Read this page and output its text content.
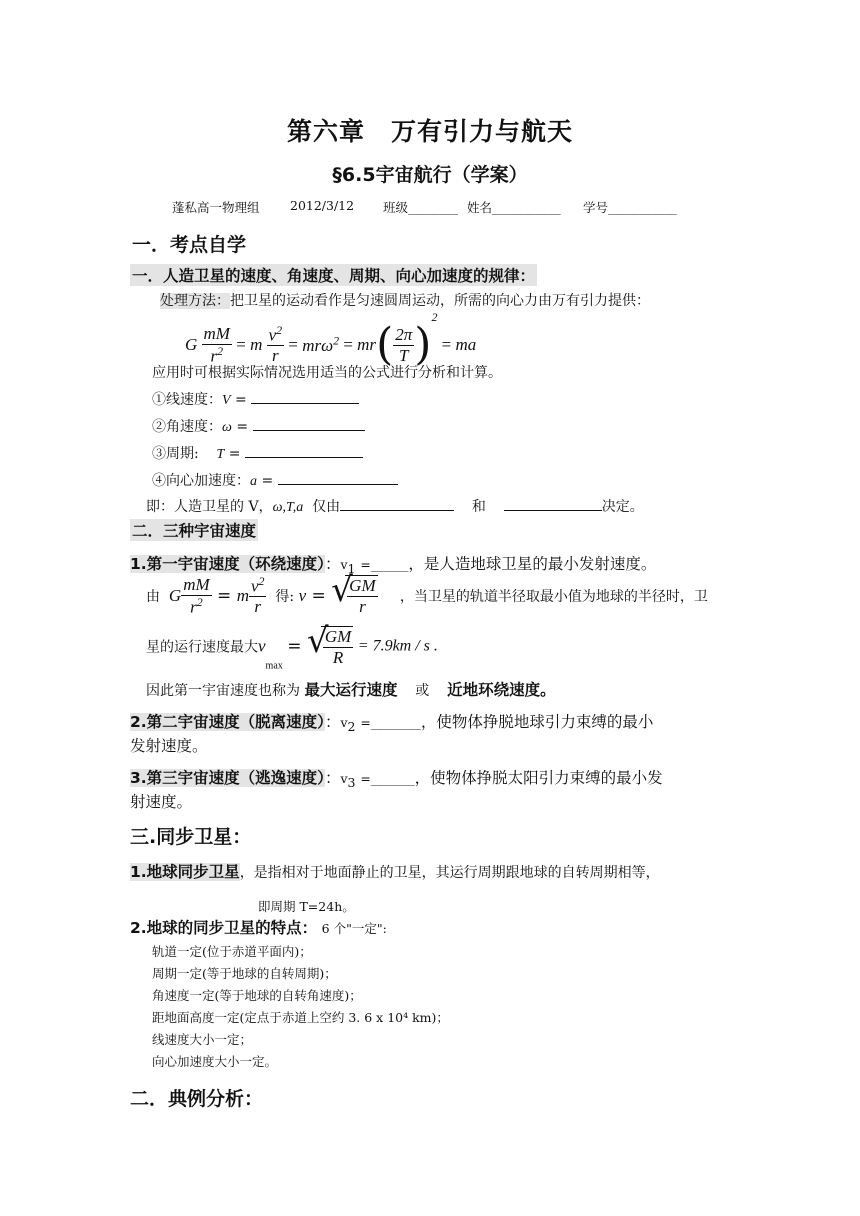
第六章　万有引力与航天
§6.5宇宙航行（学案）
蓬私高一物理组 2012/3/12 班级________ 姓名___________ 学号___________
一．考点自学
一．人造卫星的速度、角速度、周期、向心加速度的规律：
处理方法：把卫星的运动看作是匀速圆周运动，所需的向心力由万有引力提供：
G $\frac{mM}{r^2} = m \frac{v^2}{r} = mr\omega^2 = mr( \frac{2\pi}{T} )^2$ = ma
应用时可根据实际情况选用适当的公式进行分析和计算。
①线速度：V =
②角速度：ω =
③周期: T =
④向心加速度：a =
即：人造卫星的 V，ω,T,a 仅由	和	决定。
二．三种宇宙速度
1.第一宇宙速度（环绕速度）：$v_1$ =______，是人造地球卫星的最小发射速度。
由 G $\frac{mM}{r^2} = m \frac{v^2}{r}$ 得: v = √
$\frac{GM}{r}$ ，当卫星的轨道半径取最小值为地球的半径时，卫
星的运行速度最大$v_{max}$ = √
$\frac{GM}{R} = 7.9km / s$ .
因此第一宇宙速度也称为 最大运行速度 或 近地环绕速度。
2.第二宇宙速度（脱离速度）：$v_2$ =________，使物体挣脱地球引力束缚的最小
发射速度。
3.第三宇宙速度（逃逸速度）：$v_3$ =_______，使物体挣脱太阳引力束缚的最小发
射速度。
三.同步卫星：
1.地球同步卫星，是指相对于地面静止的卫星，其运行周期跟地球的自转周期相等，
即周期 T=24h。
2.地球的同步卫星的特点： 6 个"一定":
轨道一定(位于赤道平面内)；
周期一定(等于地球的自转周期)；
角速度一定(等于地球的自转角速度)；
距地面高度一定(定点于赤道上空约 3. 6 x 10⁴ km)；
线速度大小一定；
向心加速度大小一定。
二．典例分析：
